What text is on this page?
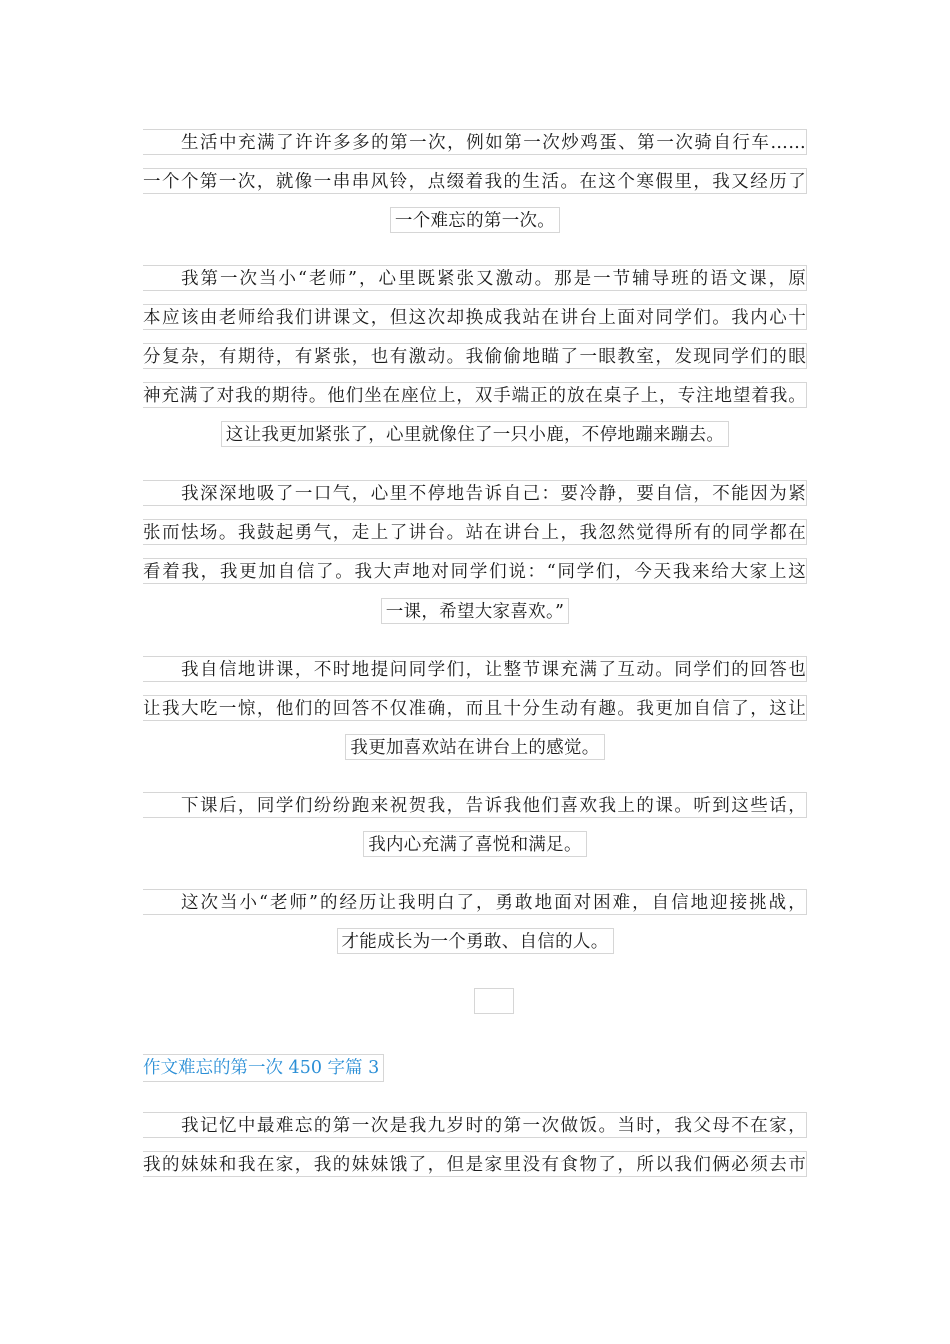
生活中充满了许许多多的第一次，例如第一次炒鸡蛋、第一次骑自行车……
一个个第一次，就像一串串风铃，点缀着我的生活。在这个寒假里，我又经历了
一个难忘的第一次。
我第一次当小“老师”，心里既紧张又激动。那是一节辅导班的语文课，原
本应该由老师给我们讲课文，但这次却换成我站在讲台上面对同学们。我内心十
分复杂，有期待，有紧张，也有激动。我偷偷地瞄了一眼教室，发现同学们的眼
神充满了对我的期待。他们坐在座位上，双手端正的放在桌子上，专注地望着我。
这让我更加紧张了，心里就像住了一只小鹿，不停地蹦来蹦去。
我深深地吸了一口气，心里不停地告诉自己：要冷静，要自信，不能因为紧
张而怯场。我鼓起勇气，走上了讲台。站在讲台上，我忽然觉得所有的同学都在
看着我，我更加自信了。我大声地对同学们说：“同学们，今天我来给大家上这
一课，希望大家喜欢。”
我自信地讲课，不时地提问同学们，让整节课充满了互动。同学们的回答也
让我大吃一惊，他们的回答不仅准确，而且十分生动有趣。我更加自信了，这让
我更加喜欢站在讲台上的感觉。
下课后，同学们纷纷跑来祝贺我，告诉我他们喜欢我上的课。听到这些话，
我内心充满了喜悦和满足。
这次当小“老师”的经历让我明白了，勇敢地面对困难，自信地迎接挑战，
才能成长为一个勇敢、自信的人。
作文难忘的第一次 450 字篇 3
我记忆中最难忘的第一次是我九岁时的第一次做饭。当时，我父母不在家，
我的妹妹和我在家，我的妹妹饿了，但是家里没有食物了，所以我们俩必须去市
